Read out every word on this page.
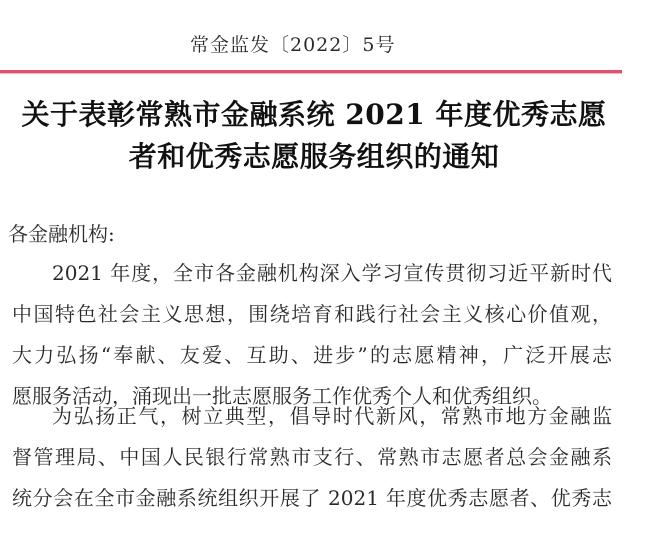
常金监发〔2022〕5号
关于表彰常熟市金融系统 2021 年度优秀志愿
者和优秀志愿服务组织的通知
各金融机构:
2021 年度，全市各金融机构深入学习宣传贯彻习近平新时代
中国特色社会主义思想，围绕培育和践行社会主义核心价值观，
大力弘扬“奉献、友爱、互助、进步”的志愿精神，广泛开展志
愿服务活动，涌现出一批志愿服务工作优秀个人和优秀组织。
为弘扬正气，树立典型，倡导时代新风，常熟市地方金融监
督管理局、中国人民银行常熟市支行、常熟市志愿者总会金融系
统分会在全市金融系统组织开展了 2021 年度优秀志愿者、优秀志
